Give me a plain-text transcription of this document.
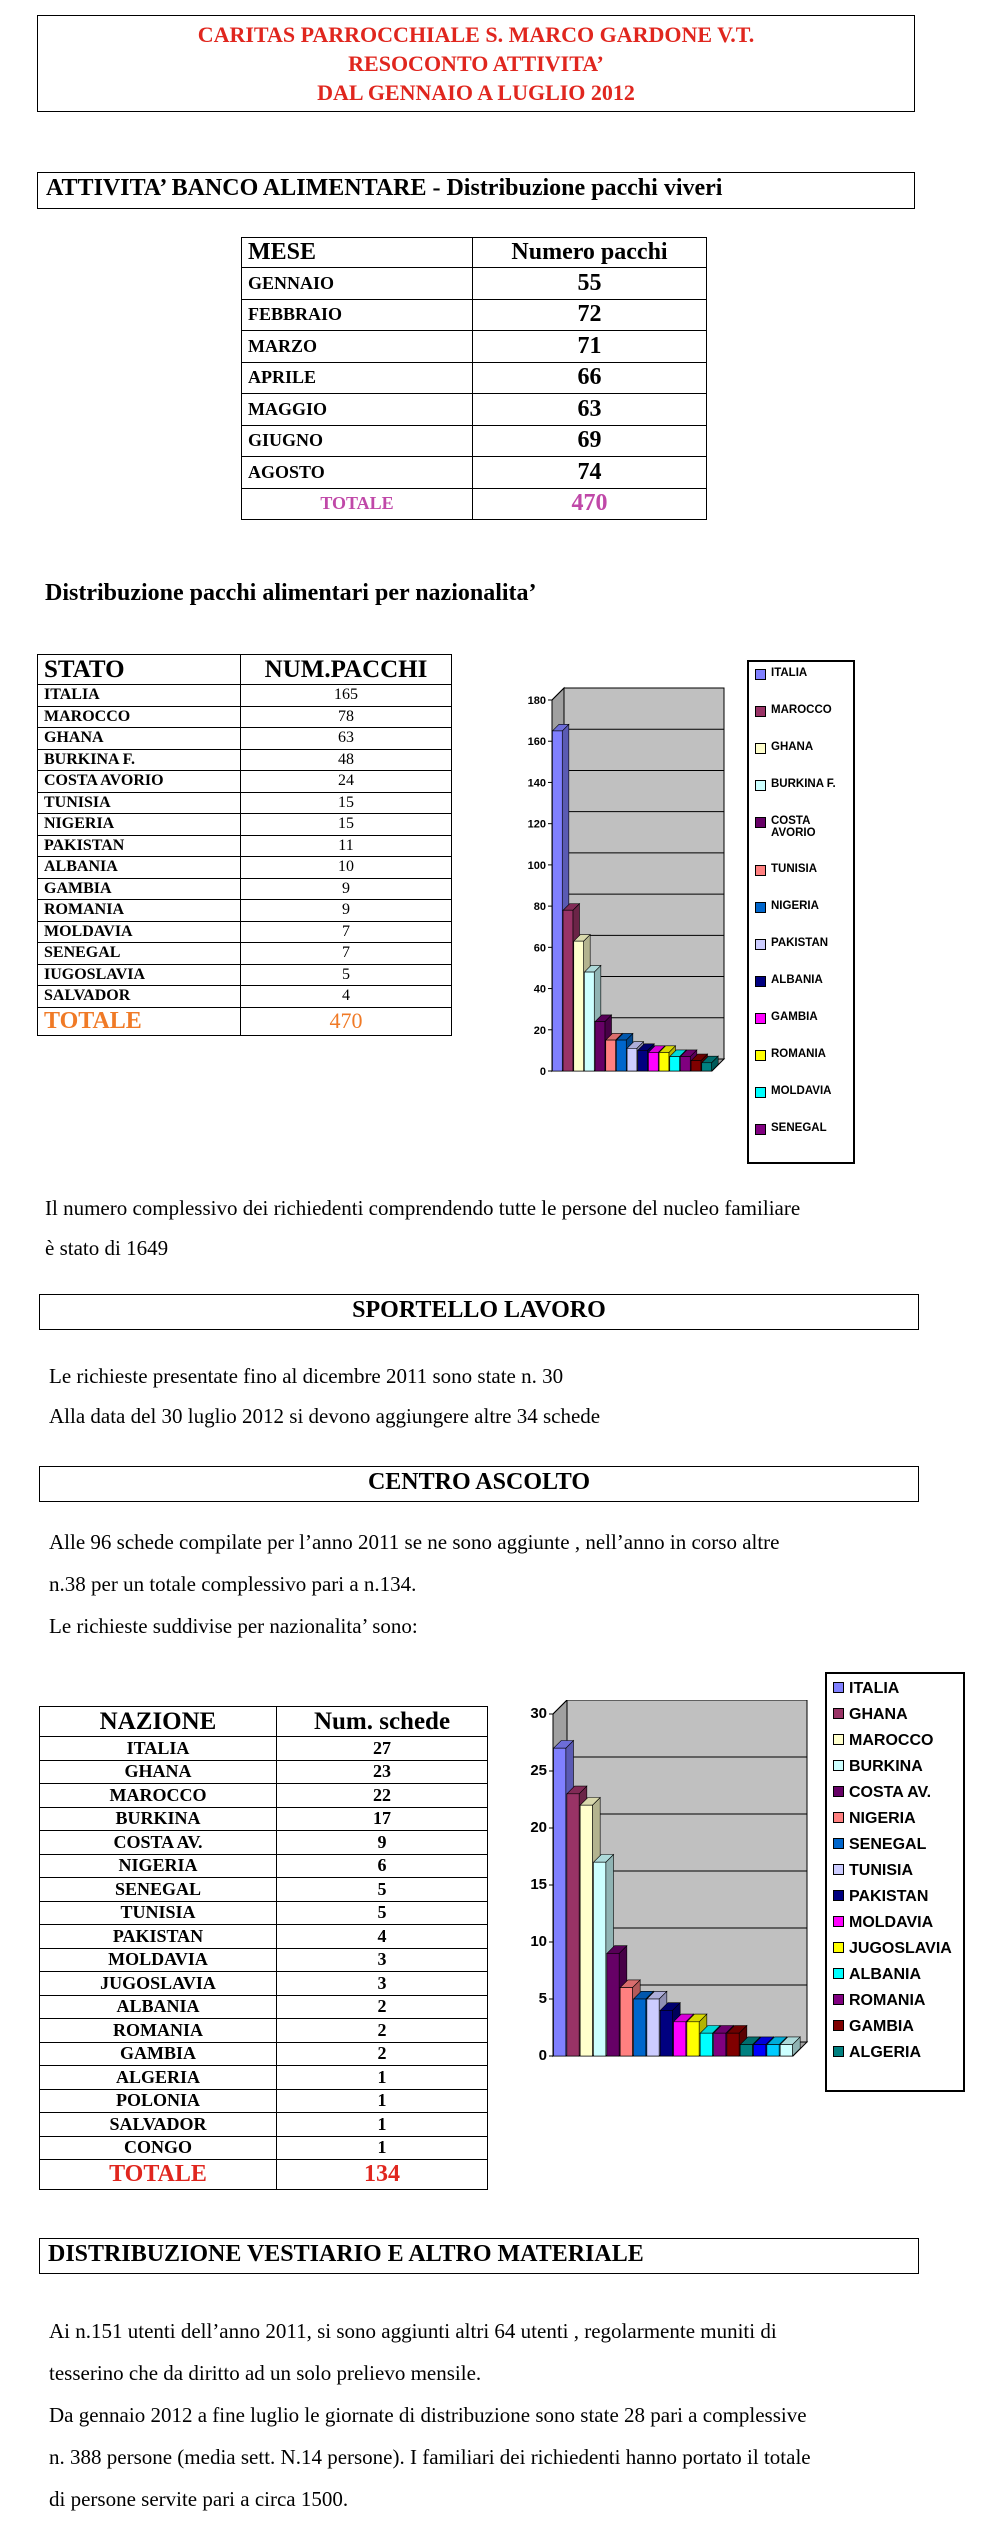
CARITAS PARROCCHIALE S. MARCO GARDONE V.T.
RESOCONTO ATTIVITA’
DAL GENNAIO A LUGLIO 2012
ATTIVITA’ BANCO ALIMENTARE - Distribuzione pacchi viveri
MESE	Numero pacchi
GENNAIO	55
FEBBRAIO	72
MARZO	71
APRILE	66
MAGGIO	63
GIUGNO	69
AGOSTO	74
TOTALE	470
Distribuzione pacchi alimentari per nazionalita’
STATO	NUM.PACCHI
ITALIA	165
MAROCCO	78
GHANA	63
BURKINA F.	48
COSTA AVORIO	24
TUNISIA	15
NIGERIA	15
PAKISTAN	11
ALBANIA	10
GAMBIA	9
ROMANIA	9
MOLDAVIA	7
SENEGAL	7
IUGOSLAVIA	5
SALVADOR	4
TOTALE	470
0
20
40
60
80
100
120
140
160
180
ITALIA
MAROCCO
GHANA
BURKINA F.
COSTA AVORIO
TUNISIA
NIGERIA
PAKISTAN
ALBANIA
GAMBIA
ROMANIA
MOLDAVIA
SENEGAL
Il numero complessivo dei richiedenti comprendendo tutte le persone del nucleo familiare
è stato di 1649
SPORTELLO LAVORO
Le richieste presentate fino al dicembre 2011 sono state n. 30
Alla data del 30 luglio 2012 si devono aggiungere altre 34 schede
CENTRO ASCOLTO
Alle 96 schede compilate per l’anno 2011 se ne sono aggiunte , nell’anno in corso altre
n.38 per un totale complessivo pari a n.134.
Le richieste suddivise per nazionalita’ sono:
NAZIONE	Num. schede
ITALIA	27
GHANA	23
MAROCCO	22
BURKINA	17
COSTA AV.	9
NIGERIA	6
SENEGAL	5
TUNISIA	5
PAKISTAN	4
MOLDAVIA	3
JUGOSLAVIA	3
ALBANIA	2
ROMANIA	2
GAMBIA	2
ALGERIA	1
POLONIA	1
SALVADOR	1
CONGO	1
TOTALE	134
0
5
10
15
20
25
30
ITALIA
GHANA
MAROCCO
BURKINA
COSTA AV.
NIGERIA
SENEGAL
TUNISIA
PAKISTAN
MOLDAVIA
JUGOSLAVIA
ALBANIA
ROMANIA
GAMBIA
ALGERIA
DISTRIBUZIONE VESTIARIO E ALTRO MATERIALE
Ai n.151 utenti dell’anno 2011, si sono aggiunti altri 64 utenti , regolarmente muniti di
tesserino che da diritto ad un solo prelievo mensile.
Da gennaio 2012 a fine luglio le giornate di distribuzione sono state 28 pari a complessive
n. 388 persone (media sett. N.14 persone). I familiari dei richiedenti hanno portato il totale
di persone servite pari a circa 1500.
